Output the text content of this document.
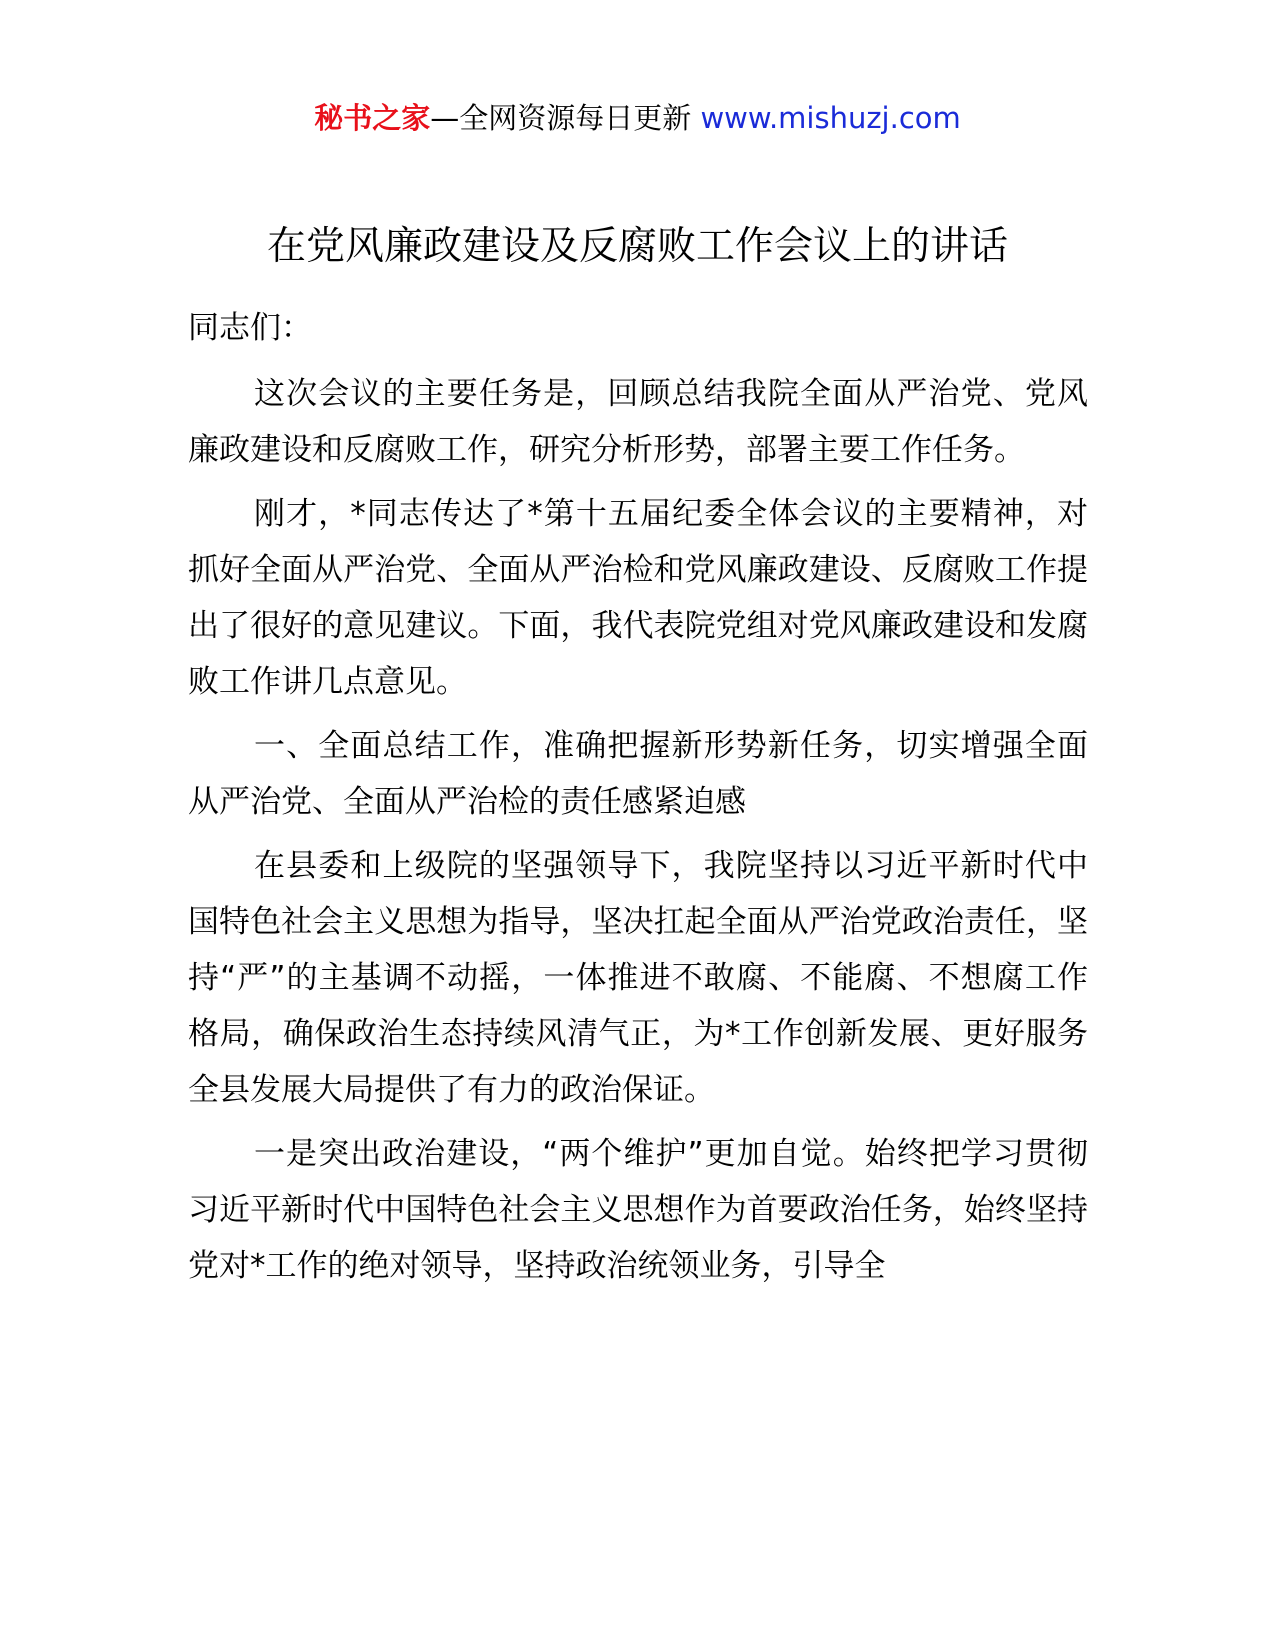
秘书之家—全网资源每日更新 www.mishuzj.com
在党风廉政建设及反腐败工作会议上的讲话

同志们：

这次会议的主要任务是，回顾总结我院全面从严治党、党风廉政建设和反腐败工作，研究分析形势，部署主要工作任务。

刚才，*同志传达了*第十五届纪委全体会议的主要精神，对抓好全面从严治党、全面从严治检和党风廉政建设、反腐败工作提出了很好的意见建议。下面，我代表院党组对党风廉政建设和发腐败工作讲几点意见。

一、全面总结工作，准确把握新形势新任务，切实增强全面从严治党、全面从严治检的责任感紧迫感

在县委和上级院的坚强领导下，我院坚持以习近平新时代中国特色社会主义思想为指导，坚决扛起全面从严治党政治责任，坚持“严”的主基调不动摇，一体推进不敢腐、不能腐、不想腐工作格局，确保政治生态持续风清气正，为*工作创新发展、更好服务全县发展大局提供了有力的政治保证。

一是突出政治建设，“两个维护”更加自觉。始终把学习贯彻习近平新时代中国特色社会主义思想作为首要政治任务，始终坚持党对*工作的绝对领导，坚持政治统领业务，引导全
